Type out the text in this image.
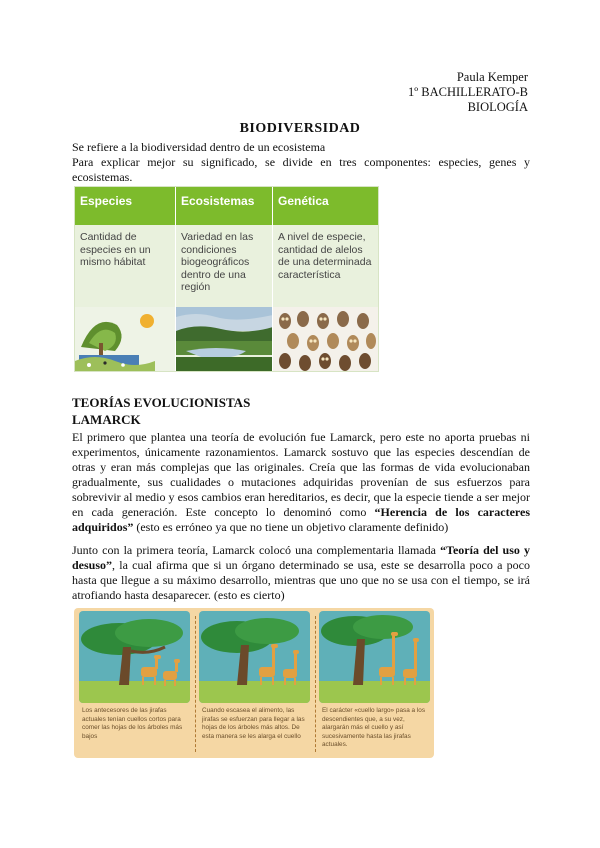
Paula Kemper
1º BACHILLERATO-B
BIOLOGÍA
BIODIVERSIDAD
Se refiere a la biodiversidad dentro de un ecosistema
Para explicar mejor su significado, se divide en tres componentes: especies, genes y ecosistemas.
Especies
Cantidad de especies en un mismo hábitat
Ecosistemas
Variedad en las condiciones biogeográficos dentro de una región
Genética
A nivel de especie, cantidad de alelos de una determinada característica
TEORÍAS EVOLUCIONISTAS
LAMARCK
El primero que plantea una teoría de evolución fue Lamarck, pero este no aporta pruebas ni experimentos, únicamente razonamientos. Lamarck sostuvo que las especies descendían de otras y eran más complejas que las originales. Creía que las formas de vida evolucionaban gradualmente, sus cualidades o mutaciones adquiridas provenían de sus esfuerzos para sobrevivir al medio y esos cambios eran hereditarios, es decir, que la especie tiende a ser mejor en cada generación. Este concepto lo denominó como “Herencia de los caracteres adquiridos” (esto es erróneo ya que no tiene un objetivo claramente definido)
Junto con la primera teoría, Lamarck colocó una complementaria llamada “Teoría del uso y desuso”, la cual afirma que si un órgano determinado se usa, este se desarrolla poco a poco hasta que llegue a su máximo desarrollo, mientras que uno que no se usa con el tiempo, se irá atrofiando hasta desaparecer. (esto es cierto)
Los antecesores de las jirafas actuales tenían cuellos cortos para comer las hojas de los árboles más bajos
Cuando escasea el alimento, las jirafas se esfuerzan para llegar a las hojas de los árboles más altos. De esta manera se les alarga el cuello
El carácter «cuello largo» pasa a los descendientes que, a su vez, alargarán más el cuello y así sucesivamente hasta las jirafas actuales.
